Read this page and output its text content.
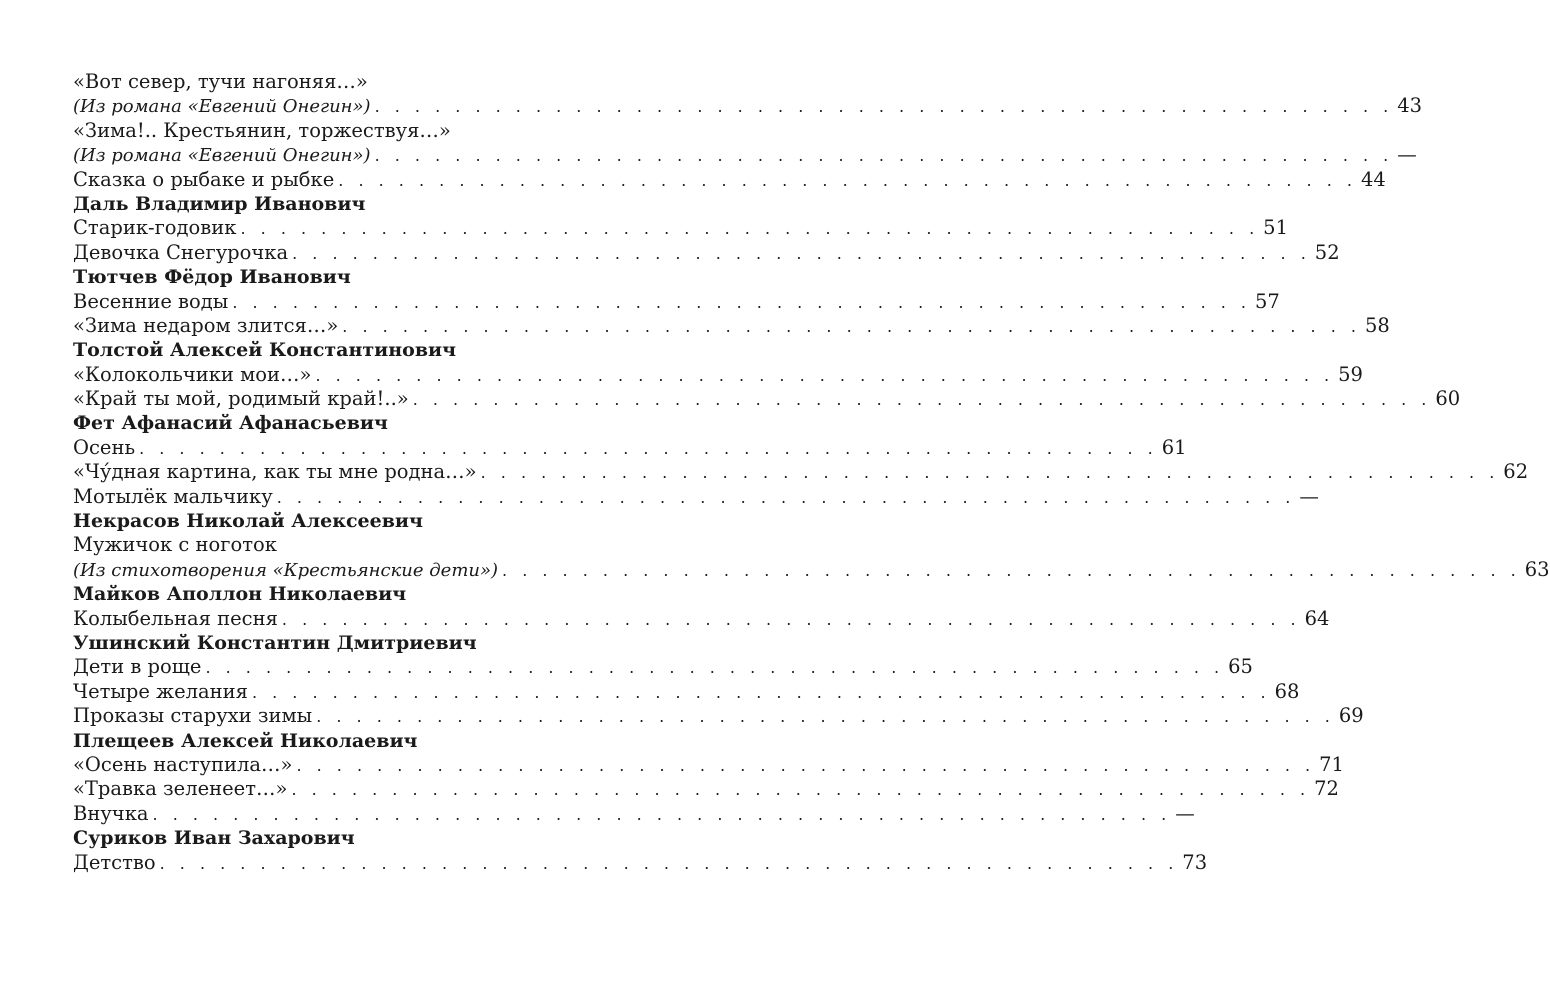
«Вот север, тучи нагоняя…»
(Из романа «Евгений Онегин») . . . . . . . . . . . . . . . . . . . . . . . . . . . . . . . . . . . . . . . . . . . . . . . . . . . 43
«Зима!.. Крестьянин, торжествуя…»
(Из романа «Евгений Онегин») . . . . . . . . . . . . . . . . . . . . . . . . . . . . . . . . . . . . . . . . . . . . . . . . . . . —
Сказка о рыбаке и рыбке . . . . . . . . . . . . . . . . . . . . . . . . . . . . . . . . . . . . . . . . . . . . . . . . . . . 44
Даль Владимир Иванович
Старик-годовик . . . . . . . . . . . . . . . . . . . . . . . . . . . . . . . . . . . . . . . . . . . . . . . . . . . 51
Девочка Снегурочка . . . . . . . . . . . . . . . . . . . . . . . . . . . . . . . . . . . . . . . . . . . . . . . . . . . 52
Тютчев Фёдор Иванович
Весенние воды . . . . . . . . . . . . . . . . . . . . . . . . . . . . . . . . . . . . . . . . . . . . . . . . . . . 57
«Зима недаром злится…» . . . . . . . . . . . . . . . . . . . . . . . . . . . . . . . . . . . . . . . . . . . . . . . . . . . 58
Толстой Алексей Константинович
«Колокольчики мои…» . . . . . . . . . . . . . . . . . . . . . . . . . . . . . . . . . . . . . . . . . . . . . . . . . . . 59
«Край ты мой, родимый край!..» . . . . . . . . . . . . . . . . . . . . . . . . . . . . . . . . . . . . . . . . . . . . . . . . . . . 60
Фет Афанасий Афанасьевич
Осень . . . . . . . . . . . . . . . . . . . . . . . . . . . . . . . . . . . . . . . . . . . . . . . . . . . 61
«Чу́дная картина, как ты мне родна…» . . . . . . . . . . . . . . . . . . . . . . . . . . . . . . . . . . . . . . . . . . . . . . . . . . . 62
Мотылёк мальчику . . . . . . . . . . . . . . . . . . . . . . . . . . . . . . . . . . . . . . . . . . . . . . . . . . . —
Некрасов Николай Алексеевич
Мужичок с ноготок
(Из стихотворения «Крестьянские дети») . . . . . . . . . . . . . . . . . . . . . . . . . . . . . . . . . . . . . . . . . . . . . . . . . . . 63
Майков Аполлон Николаевич
Колыбельная песня . . . . . . . . . . . . . . . . . . . . . . . . . . . . . . . . . . . . . . . . . . . . . . . . . . . 64
Ушинский Константин Дмитриевич
Дети в роще . . . . . . . . . . . . . . . . . . . . . . . . . . . . . . . . . . . . . . . . . . . . . . . . . . . 65
Четыре желания . . . . . . . . . . . . . . . . . . . . . . . . . . . . . . . . . . . . . . . . . . . . . . . . . . . 68
Проказы старухи зимы . . . . . . . . . . . . . . . . . . . . . . . . . . . . . . . . . . . . . . . . . . . . . . . . . . . 69
Плещеев Алексей Николаевич
«Осень наступила…» . . . . . . . . . . . . . . . . . . . . . . . . . . . . . . . . . . . . . . . . . . . . . . . . . . . 71
«Травка зеленеет…» . . . . . . . . . . . . . . . . . . . . . . . . . . . . . . . . . . . . . . . . . . . . . . . . . . . 72
Внучка . . . . . . . . . . . . . . . . . . . . . . . . . . . . . . . . . . . . . . . . . . . . . . . . . . . —
Суриков Иван Захарович
Детство . . . . . . . . . . . . . . . . . . . . . . . . . . . . . . . . . . . . . . . . . . . . . . . . . . . 73
